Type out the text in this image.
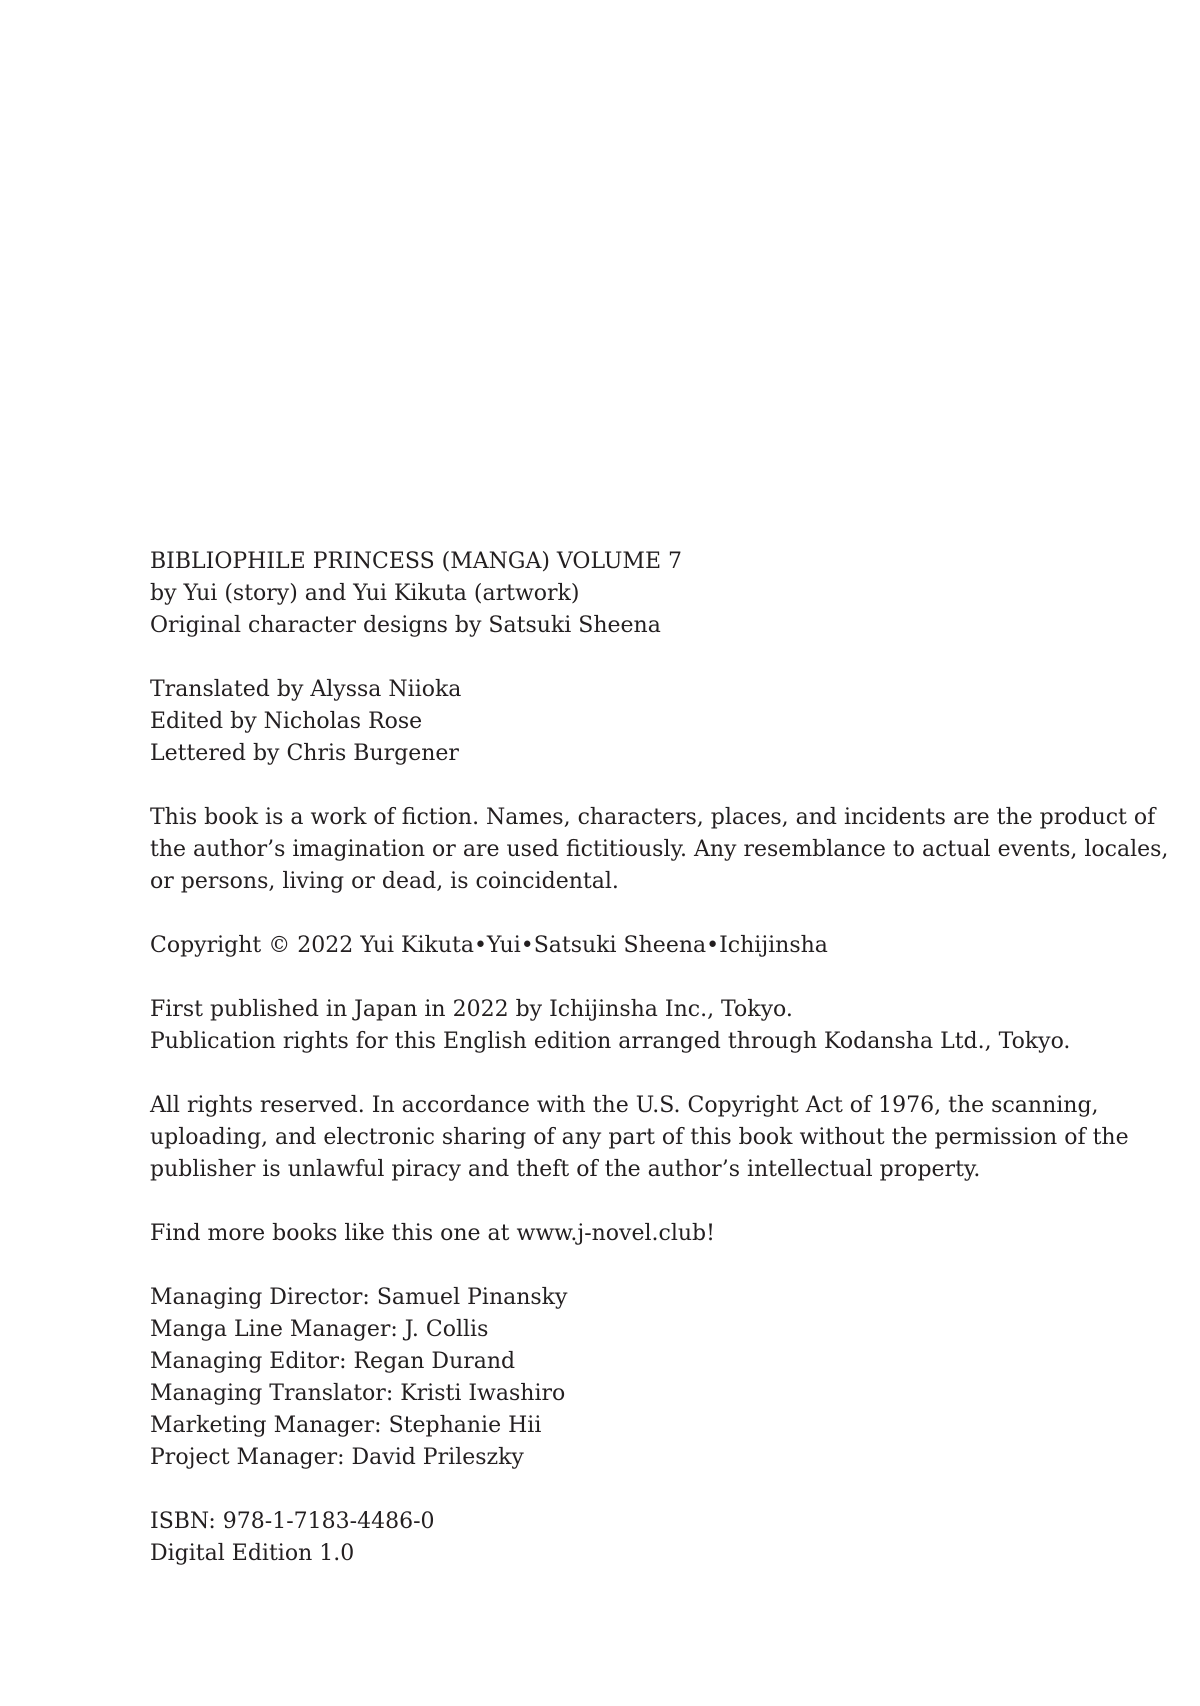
BIBLIOPHILE PRINCESS (MANGA) VOLUME 7
by Yui (story) and Yui Kikuta (artwork)
Original character designs by Satsuki Sheena
Translated by Alyssa Niioka
Edited by Nicholas Rose
Lettered by Chris Burgener
This book is a work of fiction. Names, characters, places, and incidents are the product of
the author’s imagination or are used fictitiously. Any resemblance to actual events, locales,
or persons, living or dead, is coincidental.
Copyright © 2022 Yui Kikuta•Yui•Satsuki Sheena•Ichijinsha
First published in Japan in 2022 by Ichijinsha Inc., Tokyo.
Publication rights for this English edition arranged through Kodansha Ltd., Tokyo.
All rights reserved. In accordance with the U.S. Copyright Act of 1976, the scanning,
uploading, and electronic sharing of any part of this book without the permission of the
publisher is unlawful piracy and theft of the author’s intellectual property.
Find more books like this one at www.j-novel.club!
Managing Director: Samuel Pinansky
Manga Line Manager: J. Collis
Managing Editor: Regan Durand
Managing Translator: Kristi Iwashiro
Marketing Manager: Stephanie Hii
Project Manager: David Prileszky
ISBN: 978-1-7183-4486-0
Digital Edition 1.0
